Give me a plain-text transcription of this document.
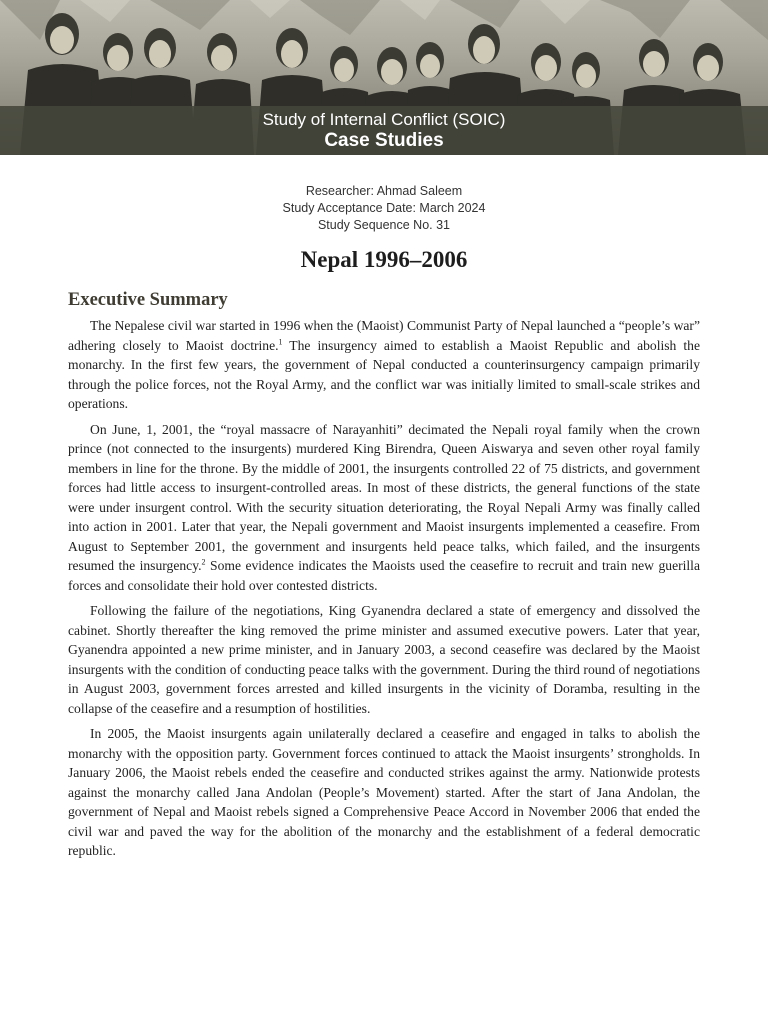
Study of Internal Conflict (SOIC)
Case Studies
Researcher: Ahmad Saleem
Study Acceptance Date: March 2024
Study Sequence No. 31
Nepal 1996–2006
Executive Summary

The Nepalese civil war started in 1996 when the (Maoist) Communist Party of Nepal launched a “people’s war” adhering closely to Maoist doctrine.$^1$ The insurgency aimed to establish a Maoist Republic and abolish the monarchy. In the first few years, the government of Nepal conducted a counterinsurgency campaign primarily through the police forces, not the Royal Army, and the conflict war was initially limited to small-scale strikes and operations.

On June, 1, 2001, the “royal massacre of Narayanhiti” decimated the Nepali royal family when the crown prince (not connected to the insurgents) murdered King Birendra, Queen Aiswarya and seven other royal family members in line for the throne. By the middle of 2001, the insurgents controlled 22 of 75 districts, and government forces had little access to insurgent-controlled areas. In most of these districts, the general functions of the state were under insurgent control. With the security situation deteriorating, the Royal Nepali Army was finally called into action in 2001. Later that year, the Nepali government and Maoist insurgents implemented a ceasefire. From August to September 2001, the government and insurgents held peace talks, which failed, and the insurgents resumed the insurgency.$^2$ Some evidence indicates the Maoists used the ceasefire to recruit and train new guerilla forces and consolidate their hold over contested districts.

Following the failure of the negotiations, King Gyanendra declared a state of emergency and dissolved the cabinet. Shortly thereafter the king removed the prime minister and assumed executive powers. Later that year, Gyanendra appointed a new prime minister, and in January 2003, a second ceasefire was declared by the Maoist insurgents with the condition of conducting peace talks with the government. During the third round of negotiations in August 2003, government forces arrested and killed insurgents in the vicinity of Doramba, resulting in the collapse of the ceasefire and a resumption of hostilities.

In 2005, the Maoist insurgents again unilaterally declared a ceasefire and engaged in talks to abolish the monarchy with the opposition party. Government forces continued to attack the Maoist insurgents’ strongholds. In January 2006, the Maoist rebels ended the ceasefire and conducted strikes against the army. Nationwide protests against the monarchy called Jana Andolan (People’s Movement) started. After the start of Jana Andolan, the government of Nepal and Maoist rebels signed a Comprehensive Peace Accord in November 2006 that ended the civil war and paved the way for the abolition of the monarchy and the establishment of a federal democratic republic.
